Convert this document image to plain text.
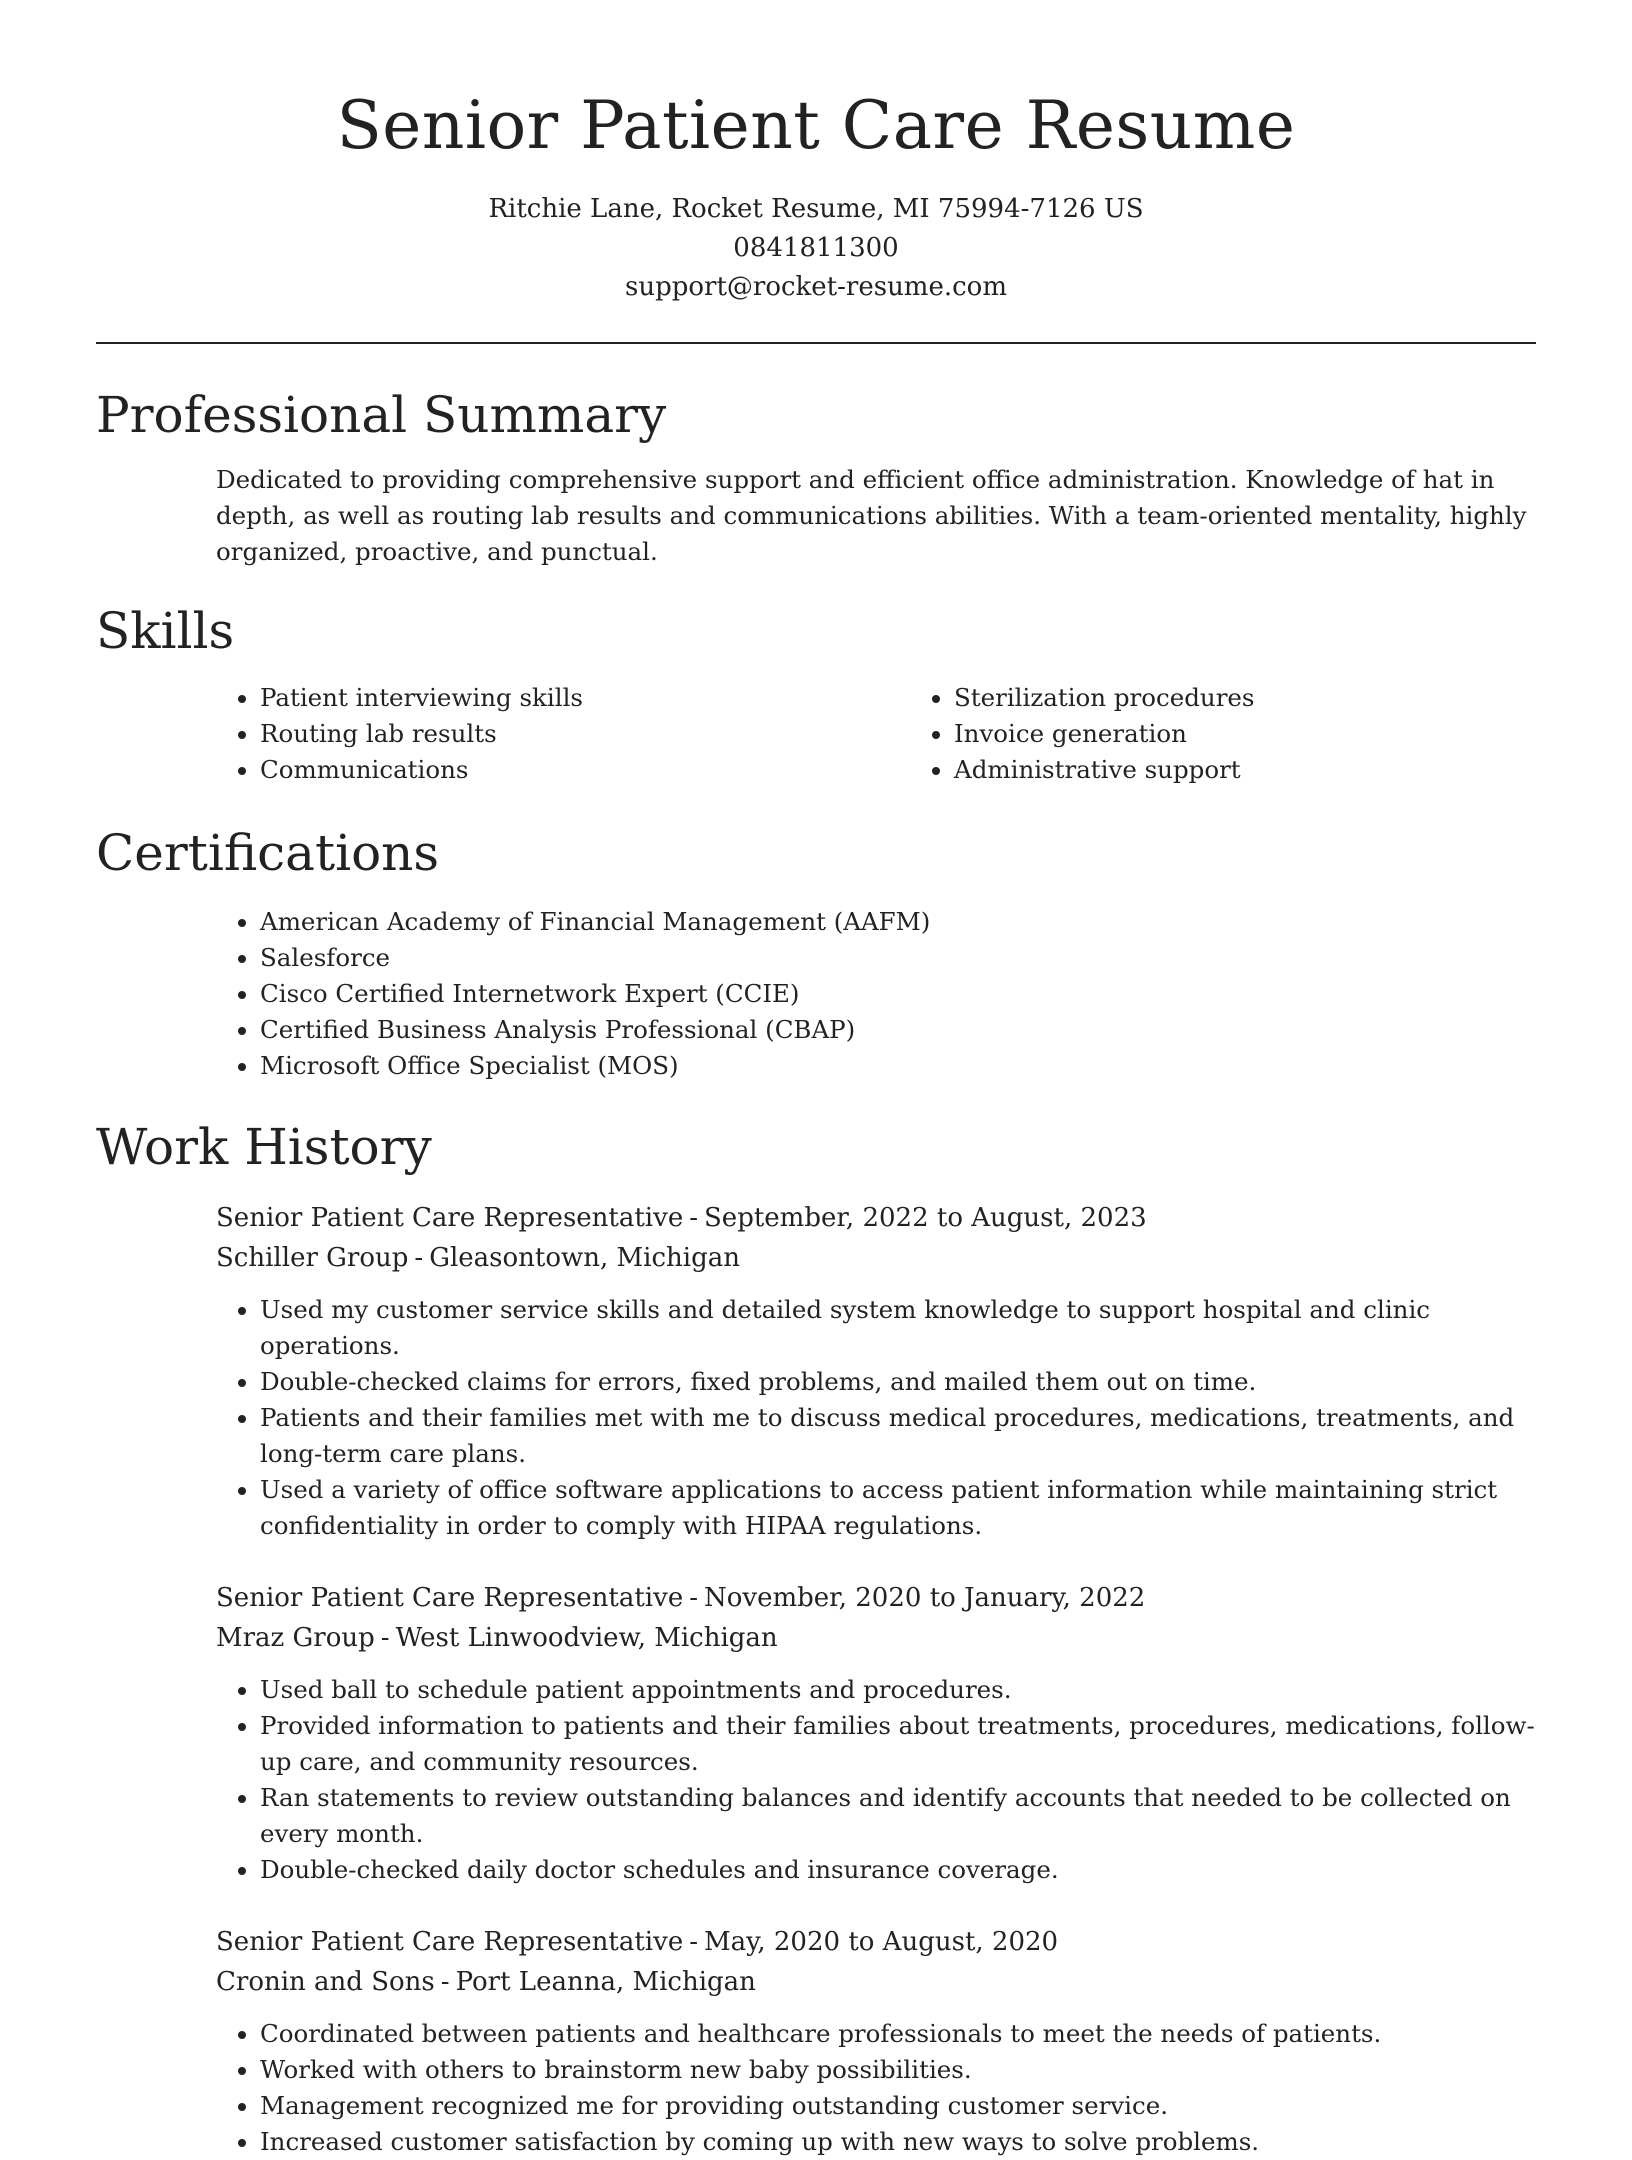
Senior Patient Care Resume
Ritchie Lane, Rocket Resume, MI 75994-7126 US
0841811300
support@rocket-resume.com
Professional Summary

Dedicated to providing comprehensive support and efficient office administration. Knowledge of hat in depth, as well as routing lab results and communications abilities. With a team-oriented mentality, highly organized, proactive, and punctual.

Skills
• Patient interviewing skills
• Routing lab results
• Communications
• Sterilization procedures
• Invoice generation
• Administrative support
Certifications
• American Academy of Financial Management (AAFM)
• Salesforce
• Cisco Certified Internetwork Expert (CCIE)
• Certified Business Analysis Professional (CBAP)
• Microsoft Office Specialist (MOS)
Work History
Senior Patient Care Representative - September, 2022 to August, 2023
Schiller Group - Gleasontown, Michigan
• Used my customer service skills and detailed system knowledge to support hospital and clinic operations.
• Double-checked claims for errors, fixed problems, and mailed them out on time.
• Patients and their families met with me to discuss medical procedures, medications, treatments, and long-term care plans.
• Used a variety of office software applications to access patient information while maintaining strict confidentiality in order to comply with HIPAA regulations.
Senior Patient Care Representative - November, 2020 to January, 2022
Mraz Group - West Linwoodview, Michigan
• Used ball to schedule patient appointments and procedures.
• Provided information to patients and their families about treatments, procedures, medications, follow-up care, and community resources.
• Ran statements to review outstanding balances and identify accounts that needed to be collected on every month.
• Double-checked daily doctor schedules and insurance coverage.
Senior Patient Care Representative - May, 2020 to August, 2020
Cronin and Sons - Port Leanna, Michigan
• Coordinated between patients and healthcare professionals to meet the needs of patients.
• Worked with others to brainstorm new baby possibilities.
• Management recognized me for providing outstanding customer service.
• Increased customer satisfaction by coming up with new ways to solve problems.
